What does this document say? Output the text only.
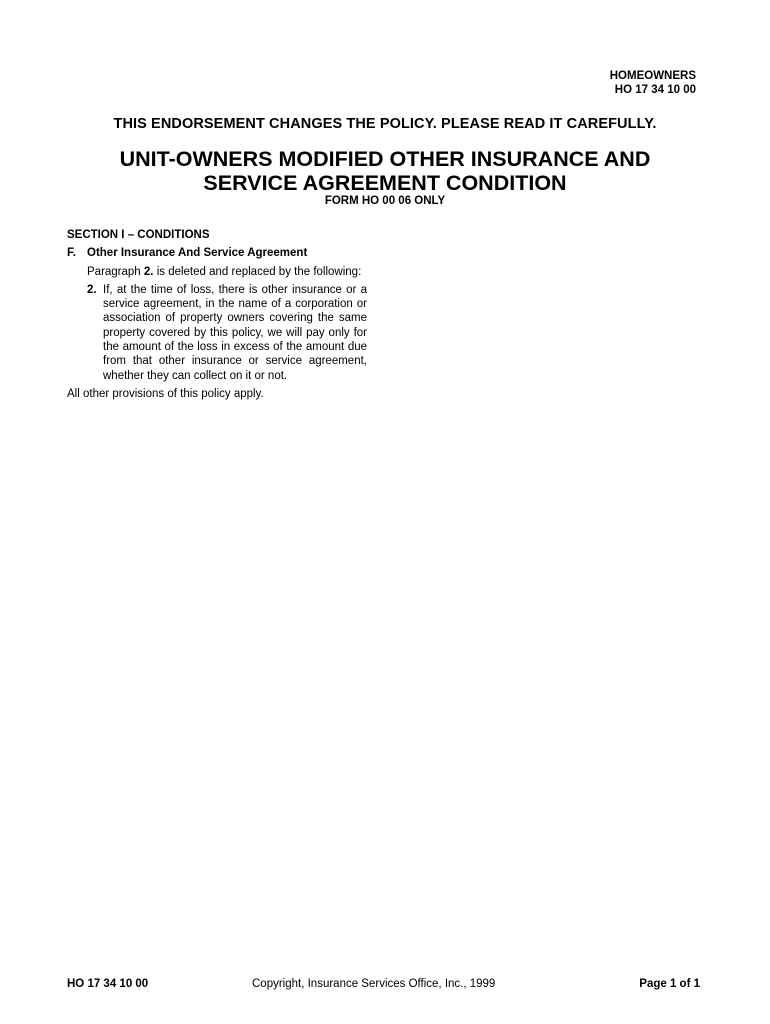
HOMEOWNERS
HO 17 34 10 00
THIS ENDORSEMENT CHANGES THE POLICY. PLEASE READ IT CAREFULLY.
UNIT-OWNERS MODIFIED OTHER INSURANCE AND
SERVICE AGREEMENT CONDITION
FORM HO 00 06 ONLY
SECTION I – CONDITIONS
F. Other Insurance And Service Agreement
Paragraph 2. is deleted and replaced by the following:
2. If, at the time of loss, there is other insurance or a service agreement, in the name of a corporation or association of property owners covering the same property covered by this policy, we will pay only for the amount of the loss in excess of the amount due from that other insurance or service agreement, whether they can collect on it or not.
All other provisions of this policy apply.
HO 17 34 10 00	Copyright, Insurance Services Office, Inc., 1999	Page 1 of 1
